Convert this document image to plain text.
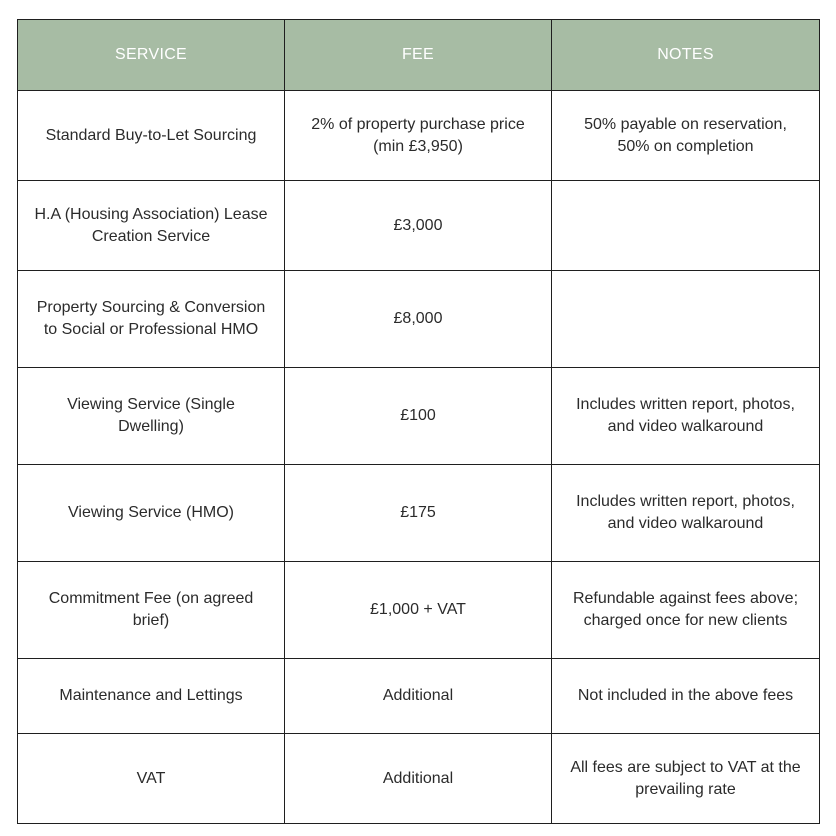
SERVICE	FEE	NOTES
Standard Buy-to-Let Sourcing	2% of property purchase price (min £3,950)	50% payable on reservation, 50% on completion
H.A (Housing Association) Lease Creation Service	£3,000	
Property Sourcing & Conversion to Social or Professional HMO	£8,000	
Viewing Service (Single Dwelling)	£100	Includes written report, photos, and video walkaround
Viewing Service (HMO)	£175	Includes written report, photos, and video walkaround
Commitment Fee (on agreed brief)	£1,000 + VAT	Refundable against fees above; charged once for new clients
Maintenance and Lettings	Additional	Not included in the above fees
VAT	Additional	All fees are subject to VAT at the prevailing rate
